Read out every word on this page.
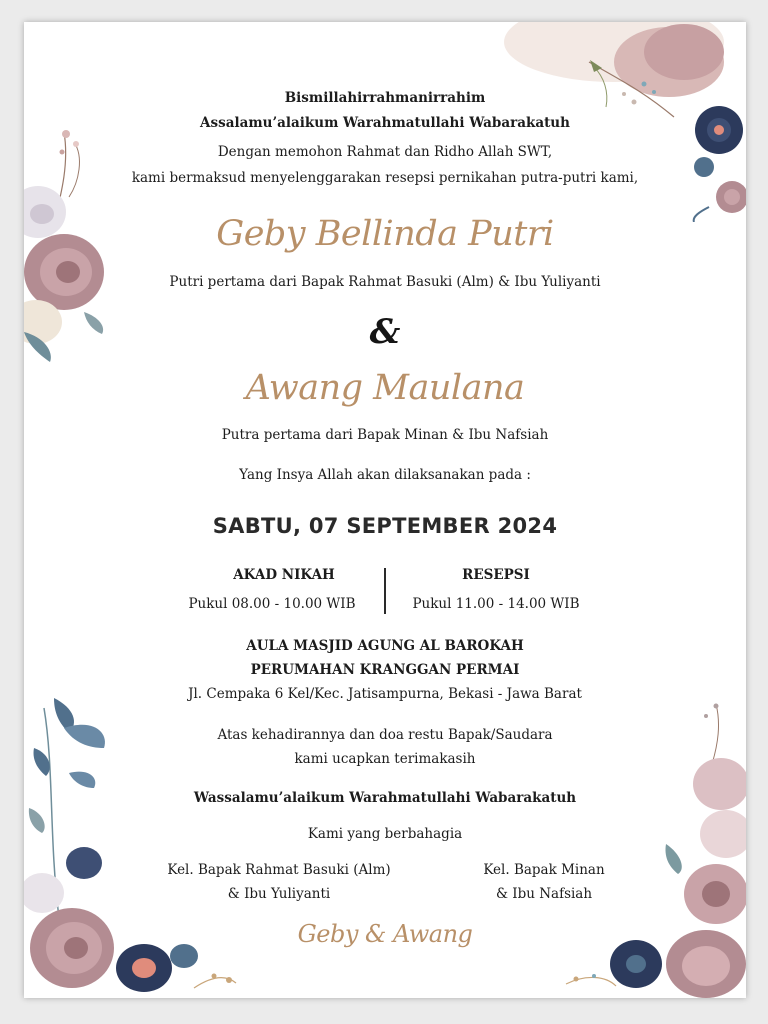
Bismillahirrahmanirrahim
Assalamu’alaikum Warahmatullahi Wabarakatuh
Dengan memohon Rahmat dan Ridho Allah SWT,
kami bermaksud menyelenggarakan resepsi pernikahan putra-putri kami,
Geby Bellinda Putri
Putri pertama dari Bapak Rahmat Basuki (Alm) & Ibu Yuliyanti
&
Awang Maulana
Putra pertama dari Bapak Minan & Ibu Nafsiah
Yang Insya Allah akan dilaksanakan pada :
SABTU, 07 SEPTEMBER 2024
AKAD NIKAH
Pukul 08.00 - 10.00 WIB
RESEPSI
Pukul 11.00 - 14.00 WIB
AULA MASJID AGUNG AL BAROKAH
PERUMAHAN KRANGGAN PERMAI
Jl. Cempaka 6 Kel/Kec. Jatisampurna, Bekasi - Jawa Barat
Atas kehadirannya dan doa restu Bapak/Saudara
kami ucapkan terimakasih
Wassalamu’alaikum Warahmatullahi Wabarakatuh
Kami yang berbahagia
Kel. Bapak Rahmat Basuki (Alm)
& Ibu Yuliyanti
Kel. Bapak Minan
& Ibu Nafsiah
Geby & Awang
